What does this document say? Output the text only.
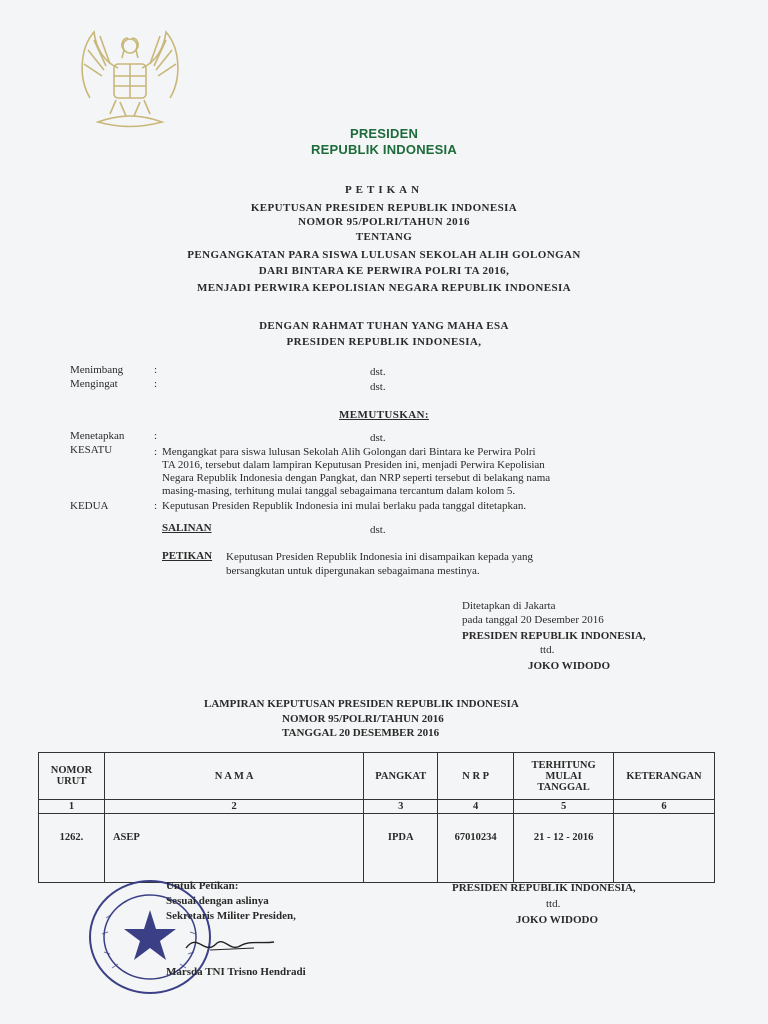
PRESIDEN
REPUBLIK INDONESIA
PETIKAN
KEPUTUSAN PRESIDEN REPUBLIK INDONESIA
NOMOR 95/POLRI/TAHUN 2016
TENTANG
PENGANGKATAN PARA SISWA LULUSAN SEKOLAH ALIH GOLONGAN
DARI BINTARA KE PERWIRA POLRI TA 2016,
MENJADI PERWIRA KEPOLISIAN NEGARA REPUBLIK INDONESIA
DENGAN RAHMAT TUHAN YANG MAHA ESA
PRESIDEN REPUBLIK INDONESIA,
Menimbang	:	dst.
Mengingat	:	dst.
MEMUTUSKAN:
Menetapkan	:	dst.
KESATU	: Mengangkat para siswa lulusan Sekolah Alih Golongan dari Bintara ke Perwira Polri
TA 2016, tersebut dalam lampiran Keputusan Presiden ini, menjadi Perwira Kepolisian
Negara Republik Indonesia dengan Pangkat, dan NRP seperti tersebut di belakang nama
masing-masing, terhitung mulai tanggal sebagaimana tercantum dalam kolom 5.
KEDUA	: Keputusan Presiden Republik Indonesia ini mulai berlaku pada tanggal ditetapkan.
SALINAN	dst.
PETIKAN Keputusan Presiden Republik Indonesia ini disampaikan kepada yang
bersangkutan untuk dipergunakan sebagaimana mestinya.
Ditetapkan di Jakarta
pada tanggal 20 Desember 2016
PRESIDEN REPUBLIK INDONESIA,
ttd.
JOKO WIDODO
LAMPIRAN KEPUTUSAN PRESIDEN REPUBLIK INDONESIA
NOMOR 95/POLRI/TAHUN 2016
TANGGAL 20 DESEMBER 2016
NOMOR
URUT	N A M A	PANGKAT	N R P	TERHITUNG
MULAI
TANGGAL	KETERANGAN
1	2	3	4	5	6
1262.	ASEP	IPDA	67010234	21 - 12 - 2016	
Untuk Petikan:
Sesuai dengan aslinya
Sekretaris Militer Presiden,
Marsda TNI Trisno Hendradi
PRESIDEN REPUBLIK INDONESIA,
ttd.
JOKO WIDODO
